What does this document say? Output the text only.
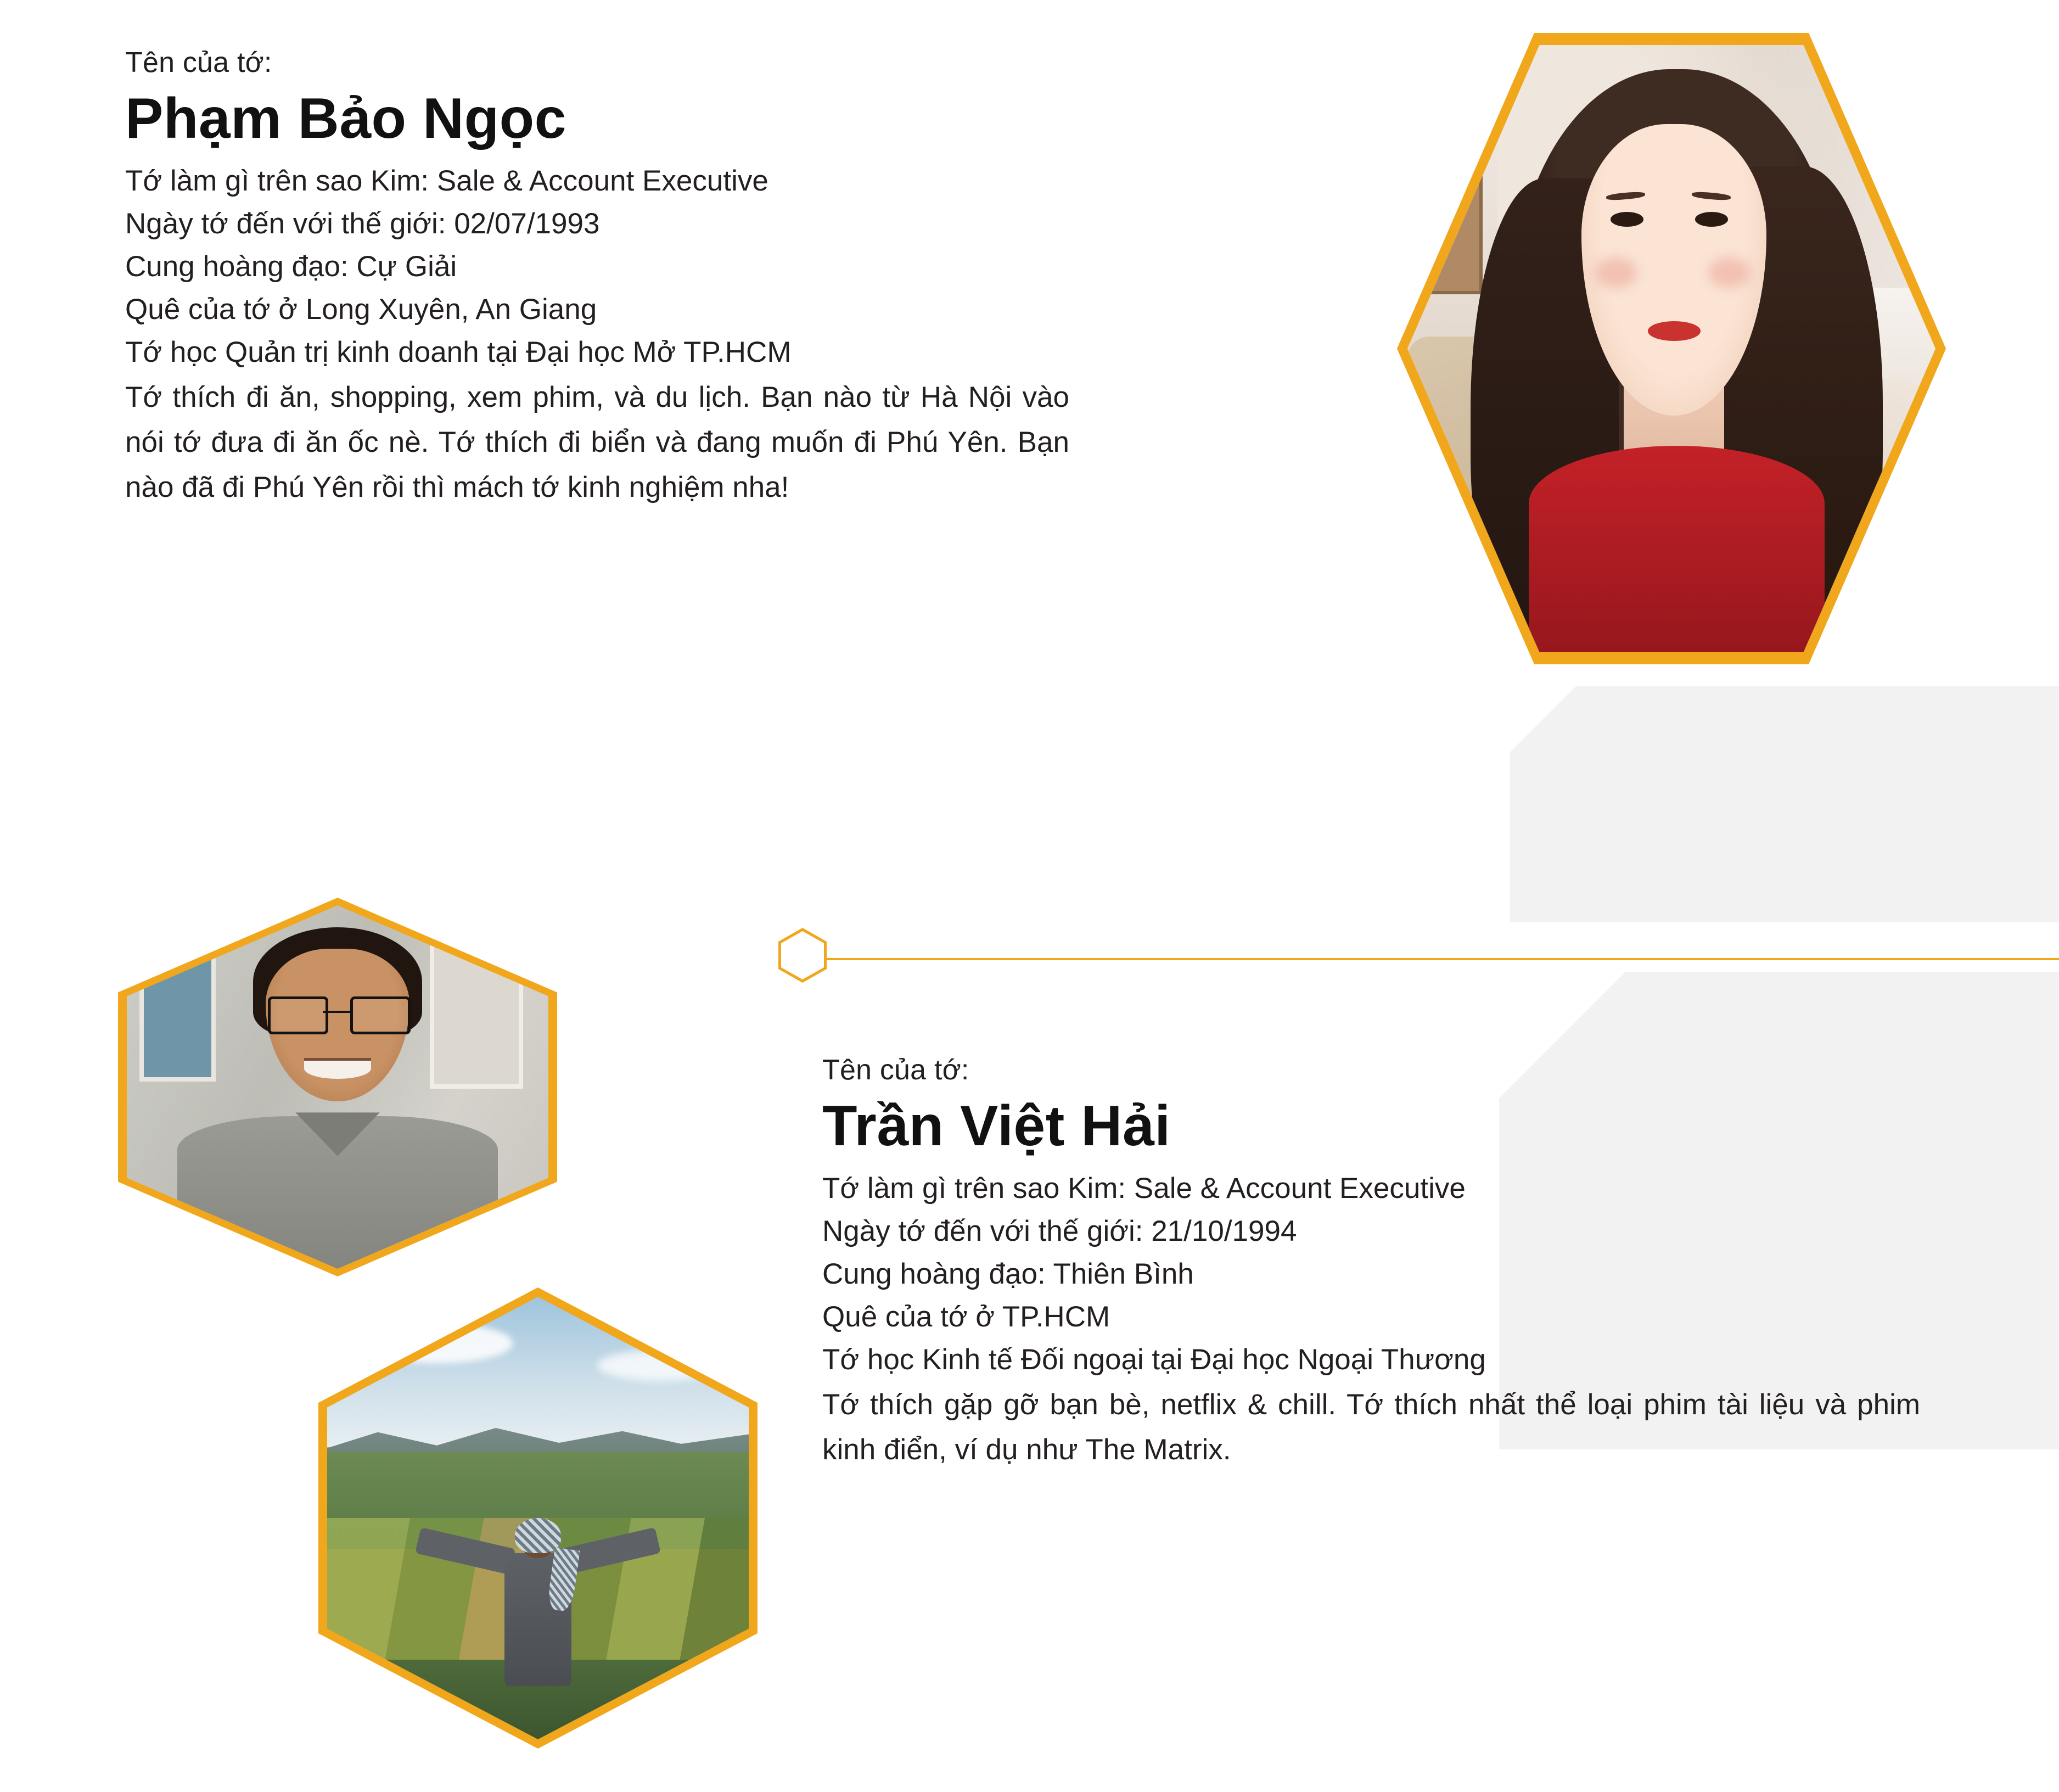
Tên của tớ:
Phạm Bảo Ngọc
Tớ làm gì trên sao Kim: Sale & Account Executive
Ngày tớ đến với thế giới: 02/07/1993
Cung hoàng đạo: Cự Giải
Quê của tớ ở Long Xuyên, An Giang
Tớ học Quản trị kinh doanh tại Đại học Mở TP.HCM
Tớ thích đi ăn, shopping, xem phim, và du lịch. Bạn nào từ Hà Nội vào nói tớ đưa đi ăn ốc nè. Tớ thích đi biển và đang muốn đi Phú Yên. Bạn nào đã đi Phú Yên rồi thì mách tớ kinh nghiệm nha!
Tên của tớ:
Trần Việt Hải
Tớ làm gì trên sao Kim: Sale & Account Executive
Ngày tớ đến với thế giới: 21/10/1994
Cung hoàng đạo: Thiên Bình
Quê của tớ ở TP.HCM
Tớ học Kinh tế Đối ngoại tại Đại học Ngoại Thương
Tớ thích gặp gỡ bạn bè, netflix & chill. Tớ thích nhất thể loại phim tài liệu và phim kinh điển, ví dụ như The Matrix.
